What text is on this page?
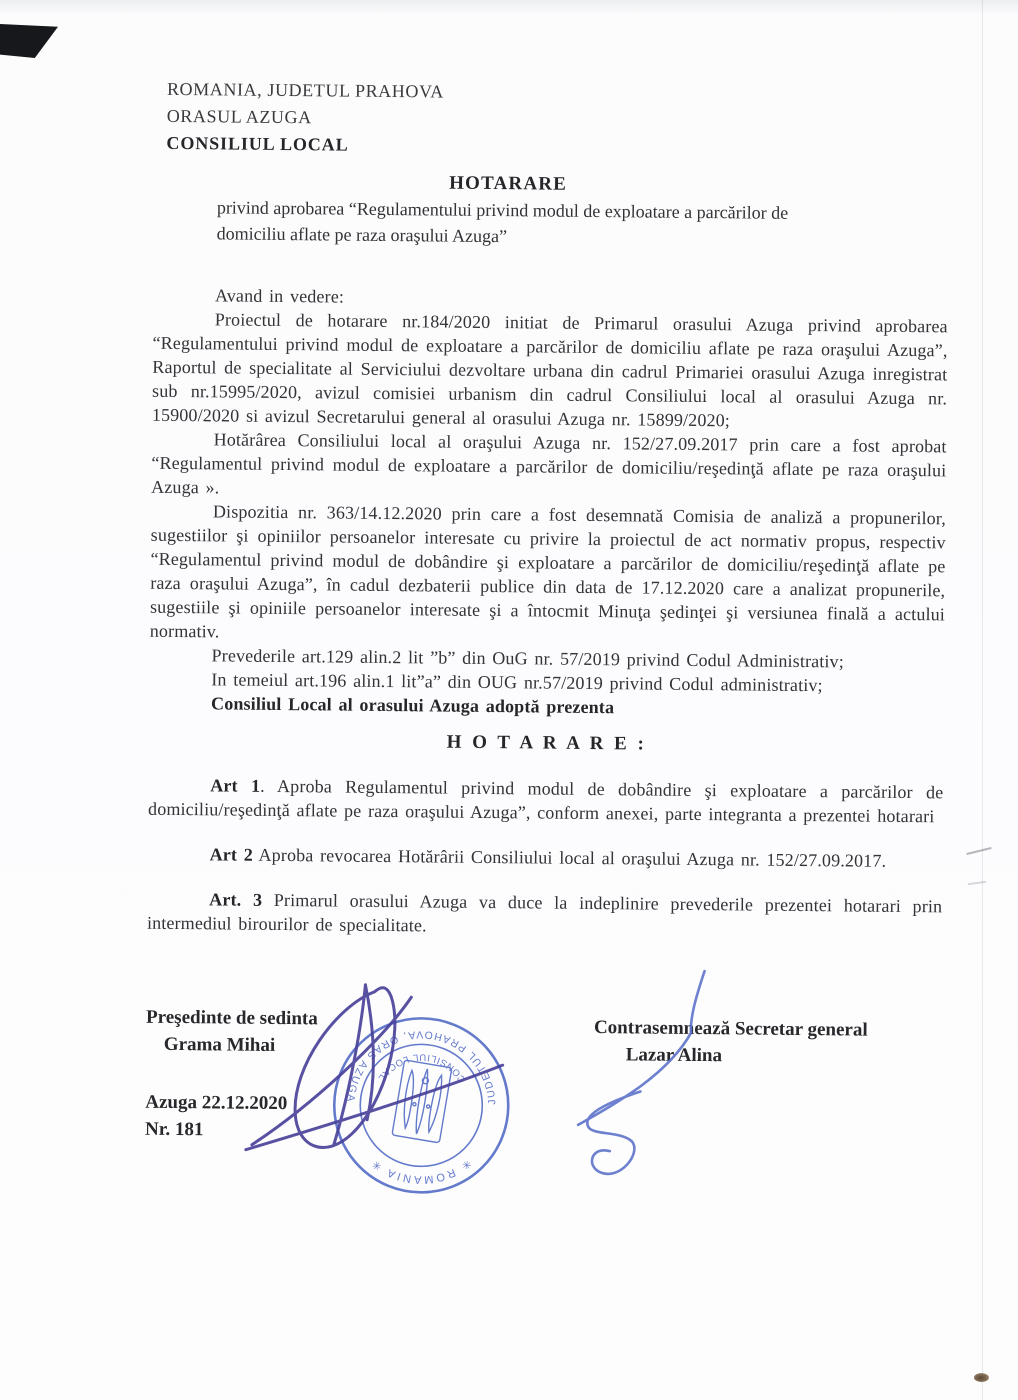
ROMANIA, JUDETUL PRAHOVA
ORASUL AZUGA
CONSILIUL LOCAL
HOTARARE
privind aprobarea “Regulamentului privind modul de exploatare a parcărilor de
domiciliu aflate pe raza oraşului Azuga”

Avand in vedere:

Proiectul de hotarare nr.184/2020 initiat de Primarul orasului Azuga privind aprobarea “Regulamentului privind modul de exploatare a parcărilor de domiciliu aflate pe raza oraşului Azuga”, Raportul de specialitate al Serviciului dezvoltare urbana din cadrul Primariei orasului Azuga inregistrat sub nr.15995/2020, avizul comisiei urbanism din cadrul Consiliului local al orasului Azuga nr. 15900/2020 si avizul Secretarului general al orasului Azuga nr. 15899/2020;

Hotărârea Consiliului local al oraşului Azuga nr. 152/27.09.2017 prin care a fost aprobat “Regulamentul privind modul de exploatare a parcărilor de domiciliu/reşedinţă aflate pe raza oraşului Azuga ».

Dispozitia nr. 363/14.12.2020 prin care a fost desemnată Comisia de analiză a propunerilor, sugestiilor şi opiniilor persoanelor interesate cu privire la proiectul de act normativ propus, respectiv “Regulamentul privind modul de dobândire şi exploatare a parcărilor de domiciliu/reşedinţă aflate pe raza oraşului Azuga”, în cadul dezbaterii publice din data de 17.12.2020 care a analizat propunerile, sugestiile şi opiniile persoanelor interesate şi a întocmit Minuţa şedinţei şi versiunea finală a actului normativ.

Prevederile art.129 alin.2 lit ”b” din OuG nr. 57/2019 privind Codul Administrativ;

In temeiul art.196 alin.1 lit”a” din OUG nr.57/2019 privind Codul administrativ;

Consiliul Local al orasului Azuga adoptă prezenta

H O T A R A R E :

Art 1. Aproba Regulamentul privind modul de dobândire şi exploatare a parcărilor de domiciliu/reşedinţă aflate pe raza oraşului Azuga”, conform anexei, parte integranta a prezentei hotarari

Art 2 Aproba revocarea Hotărârii Consiliului local al oraşului Azuga nr. 152/27.09.2017.

Art. 3 Primarul orasului Azuga va duce la indeplinire prevederile prezentei hotarari prin intermediul birourilor de specialitate.

Preşedinte de sedinta
Grama Mihai
Contrasemnează Secretar general
Lazar Alina
Azuga 22.12.2020
Nr. 181
JUDETUL PRAHOVA, ORAS AZUGA
CONSILIUL LOCAL
✳ ROMANIA ✳
